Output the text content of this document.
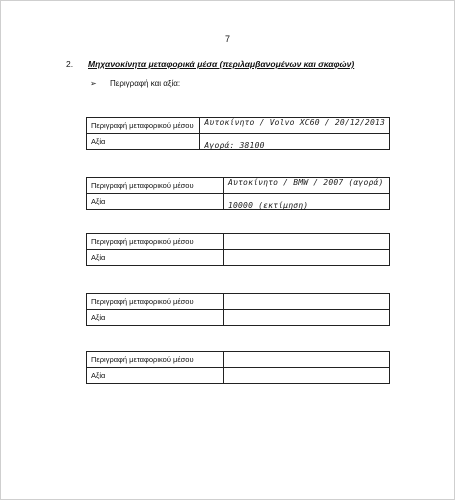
7
2.	Μηχανοκίνητα μεταφορικά μέσα (περιλαμβανομένων και σκαφών)
➢	Περιγραφή και αξία:
Περιγραφή μεταφορικού μέσου	Αυτοκίνητο / Volvo XC60 / 20/12/2013
Αξία	Αγορά: 38100
Περιγραφή μεταφορικού μέσου	Αυτοκίνητο / BMW / 2007 (αγορά)
Αξία	10000 (εκτίμηση)
Περιγραφή μεταφορικού μέσου	
Αξία	
Περιγραφή μεταφορικού μέσου	
Αξία	
Περιγραφή μεταφορικού μέσου	
Αξία	
